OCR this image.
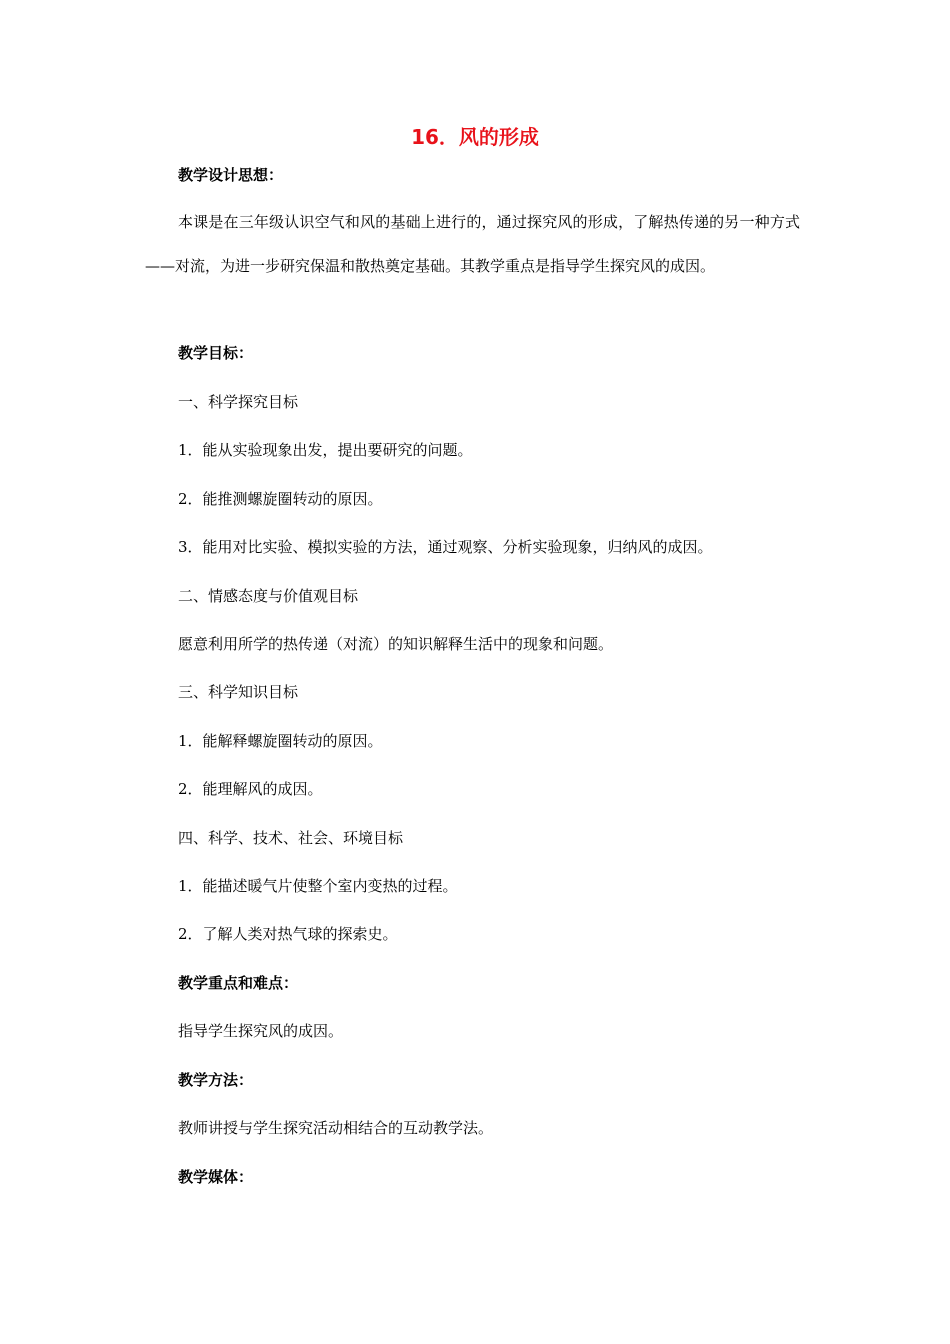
16．风的形成
教学设计思想：
本课是在三年级认识空气和风的基础上进行的，通过探究风的形成，了解热传递的另一种方式——对流，为进一步研究保温和散热奠定基础。其教学重点是指导学生探究风的成因。
教学目标：
一、科学探究目标
1．能从实验现象出发，提出要研究的问题。
2．能推测螺旋圈转动的原因。
3．能用对比实验、模拟实验的方法，通过观察、分析实验现象，归纳风的成因。
二、情感态度与价值观目标
愿意利用所学的热传递（对流）的知识解释生活中的现象和问题。
三、科学知识目标
1．能解释螺旋圈转动的原因。
2．能理解风的成因。
四、科学、技术、社会、环境目标
1．能描述暖气片使整个室内变热的过程。
2．了解人类对热气球的探索史。
教学重点和难点：
指导学生探究风的成因。
教学方法：
教师讲授与学生探究活动相结合的互动教学法。
教学媒体：
